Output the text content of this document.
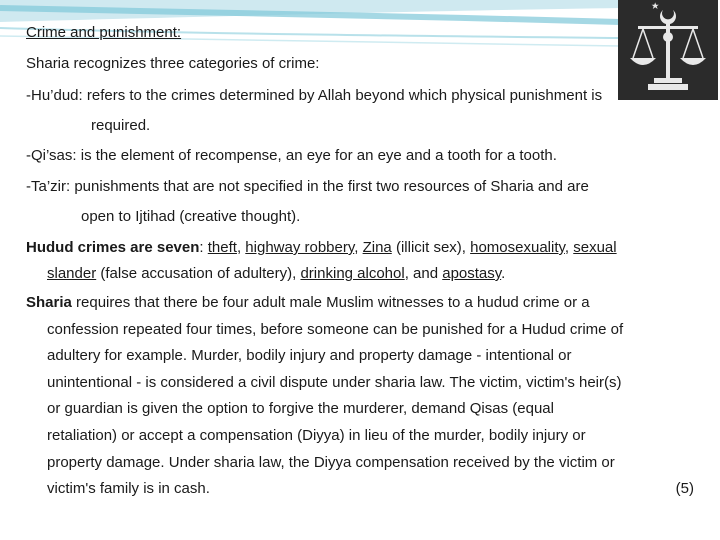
Crime and punishment:

Sharia recognizes three categories of crime:

-Hu’dud: refers to the crimes determined by Allah beyond which physical punishment is

required.

-Qi’sas: is the element of recompense, an eye for an eye and a tooth for a tooth.

-Ta’zir: punishments that are not specified in the first two resources of Sharia and are

open to Ijtihad (creative thought).

Hudud crimes are seven: theft, highway robbery, Zina (illicit sex), homosexuality, sexual

slander (false accusation of adultery), drinking alcohol, and apostasy.

Sharia requires that there be four adult male Muslim witnesses to a hudud crime or a
confession repeated four times, before someone can be punished for a Hudud crime of
adultery for example. Murder, bodily injury and property damage - intentional or
unintentional - is considered a civil dispute under sharia law. The victim, victim's heir(s)
or guardian is given the option to forgive the murderer, demand Qisas (equal
retaliation) or accept a compensation (Diyya) in lieu of the murder, bodily injury or
property damage. Under sharia law, the Diyya compensation received by the victim or
victim's family is in cash.	(5)
